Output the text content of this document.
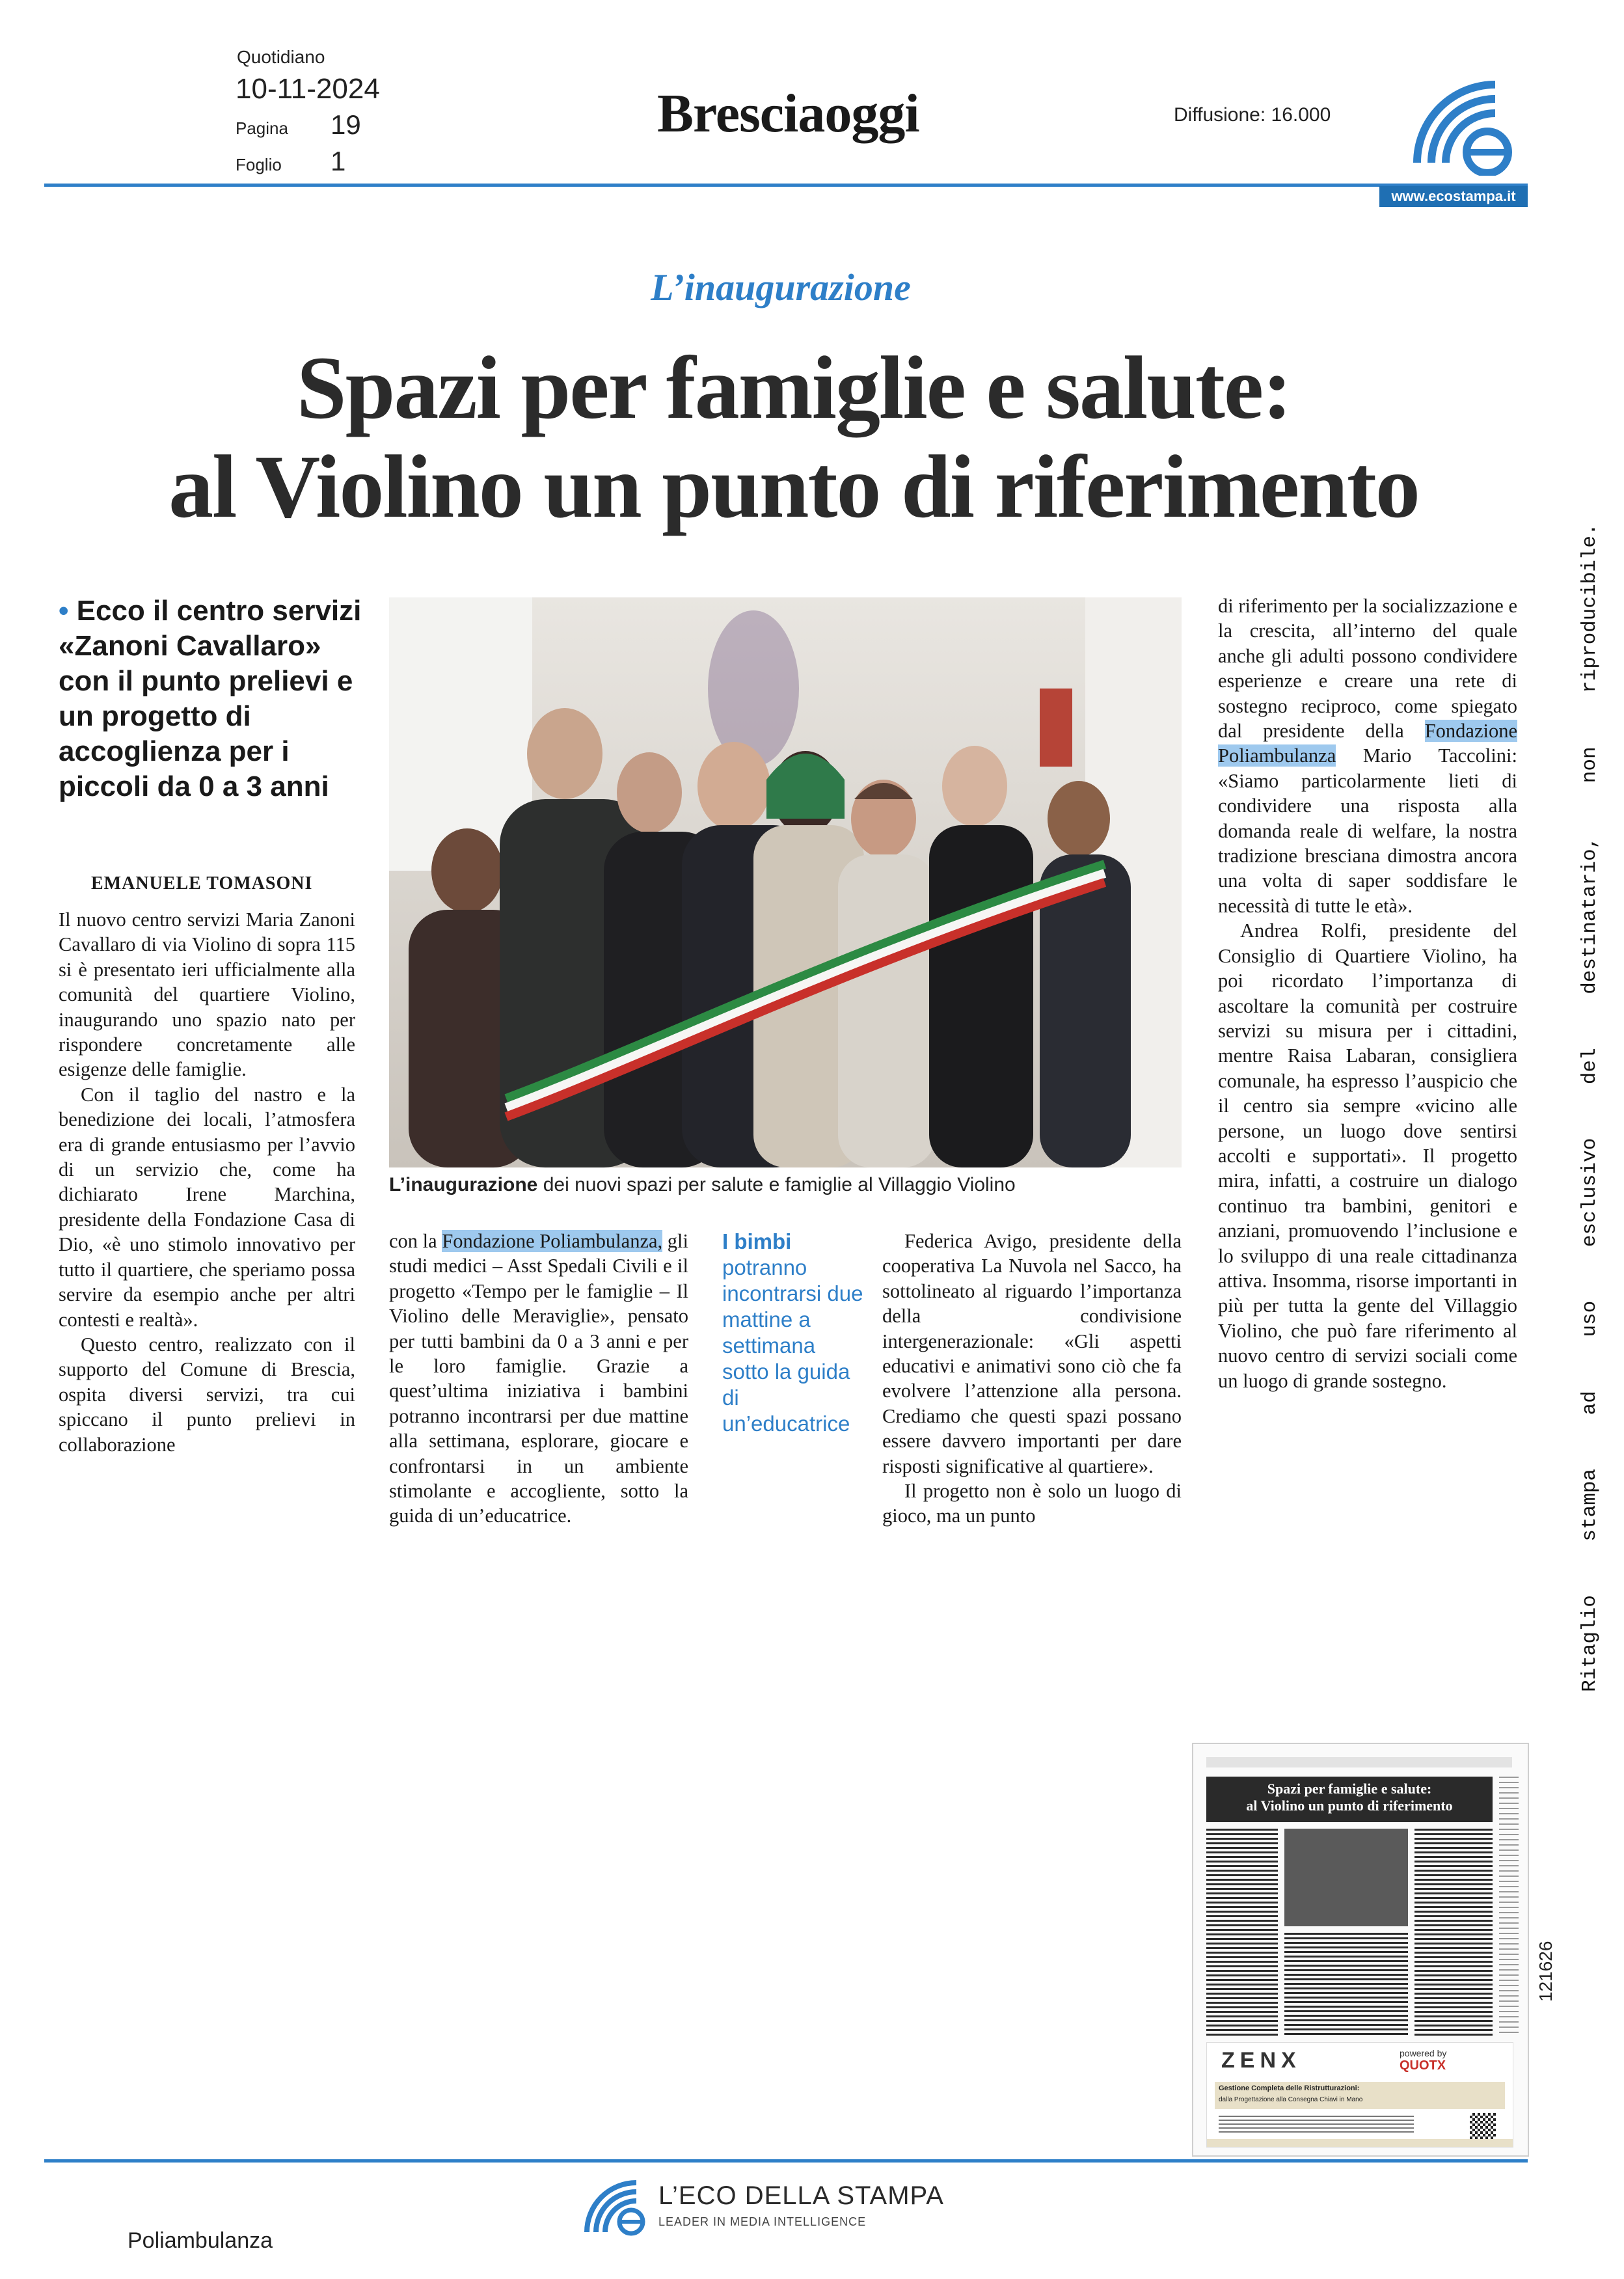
Quotidiano
10-11-2024
Pagina 19
Foglio 1
Bresciaoggi	Diffusione: 16.000
www.ecostampa.it
L’inaugurazione
Spazi per famiglie e salute:
al Violino un punto di riferimento
• Ecco il centro servizi «Zanoni Cavallaro» con il punto prelievi e un progetto di accoglienza per i piccoli da 0 a 3 anni
EMANUELE TOMASONI

Il nuovo centro servizi Maria Zanoni Cavallaro di via Violino di sopra 115 si è presentato ieri ufficialmente alla comunità del quartiere Violino, inaugurando uno spazio nato per rispondere concretamente alle esigenze delle famiglie.

Con il taglio del nastro e la benedizione dei locali, l’atmosfera era di grande entusiasmo per l’avvio di un servizio che, come ha dichiarato Irene Marchina, presidente della Fondazione Casa di Dio, «è uno stimolo innovativo per tutto il quartiere, che speriamo possa servire da esempio anche per altri contesti e realtà».

Questo centro, realizzato con il supporto del Comune di Brescia, ospita diversi servizi, tra cui spiccano il punto prelievi in collaborazione

L’inaugurazione dei nuovi spazi per salute e famiglie al Villaggio Violino

con la Fondazione Poliambulanza, gli studi medici – Asst Spedali Civili e il progetto «Tempo per le famiglie – Il Violino delle Meraviglie», pensato per tutti bambini da 0 a 3 anni e per le loro famiglie. Grazie a quest’ultima iniziativa i bambini potranno incontrarsi per due mattine alla settimana, esplorare, giocare e confrontarsi in un ambiente stimolante e accogliente, sotto la guida di un’educatrice.

I bimbi
potranno incontrarsi due mattine a settimana sotto la guida di un’educatrice

Federica Avigo, presidente della cooperativa La Nuvola nel Sacco, ha sottolineato al riguardo l’importanza della condivisione intergenerazionale: «Gli aspetti educativi e animativi sono ciò che fa evolvere l’attenzione alla persona. Crediamo che questi spazi possano essere davvero importanti per dare risposti significative al quartiere».

Il progetto non è solo un luogo di gioco, ma un punto

di riferimento per la socializzazione e la crescita, all’interno del quale anche gli adulti possono condividere esperienze e creare una rete di sostegno reciproco, come spiegato dal presidente della Fondazione Poliambulanza Mario Taccolini: «Siamo particolarmente lieti di condividere una risposta alla domanda reale di welfare, la nostra tradizione bresciana dimostra ancora una volta di saper soddisfare le necessità di tutte le età».

Andrea Rolfi, presidente del Consiglio di Quartiere Violino, ha poi ricordato l’importanza di ascoltare la comunità per costruire servizi su misura per i cittadini, mentre Raisa Labaran, consigliera comunale, ha espresso l’auspicio che il centro sia sempre «vicino alle persone, un luogo dove sentirsi accolti e supportati». Il progetto mira, infatti, a costruire un dialogo continuo tra bambini, genitori e anziani, promuovendo l’inclusione e lo sviluppo di una reale cittadinanza attiva. Insomma, risorse importanti in più per tutta la gente del Villaggio Violino, che può fare riferimento al nuovo centro di servizi sociali come un luogo di grande sostegno.	Ritaglio stampa ad uso esclusivo del destinatario, non riproducibile.
Spazi per famiglie e salute:
al Violino un punto di riferimento
ZENX	powered by
QUOTX
Gestione Completa delle Ristrutturazioni:
dalla Progettazione alla Consegna Chiavi in Mano
121626
L’ECO DELLA STAMPA
LEADER IN MEDIA INTELLIGENCE
Poliambulanza
